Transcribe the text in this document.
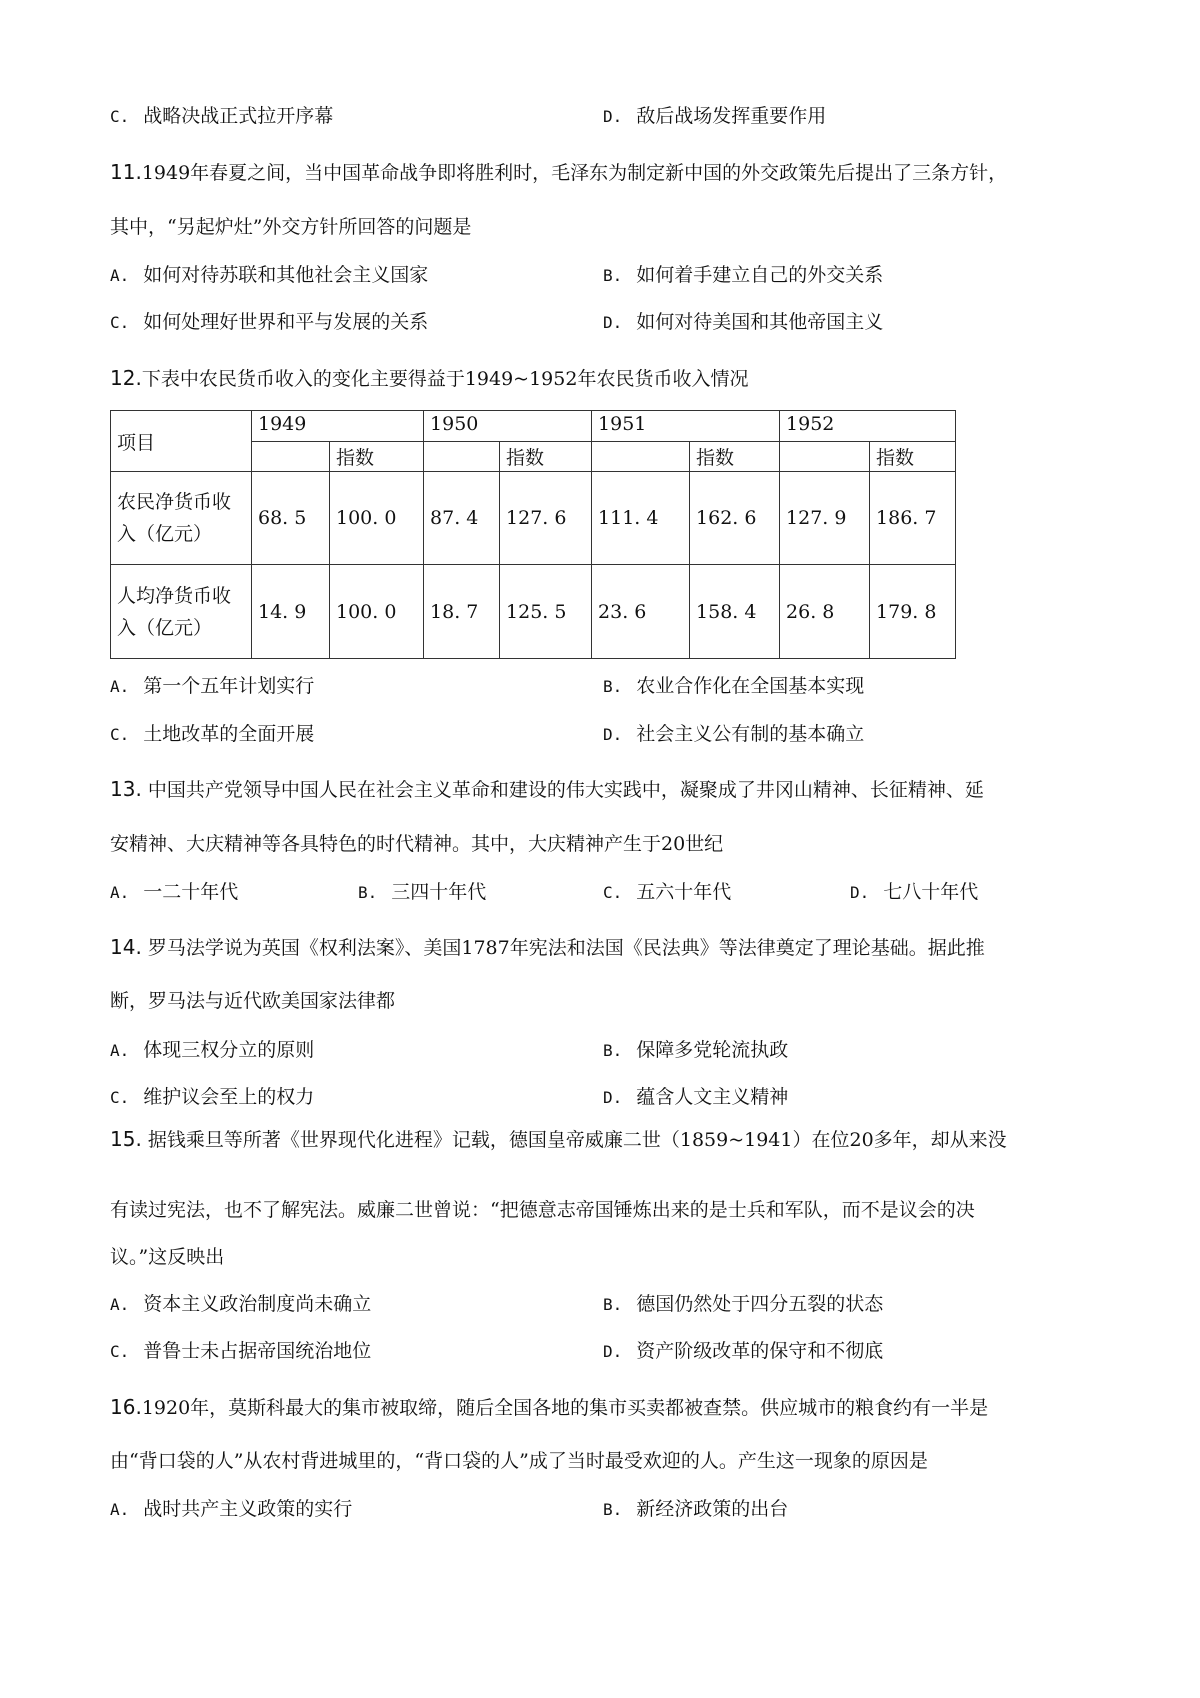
C. 战略决战正式拉开序幕	D. 敌后战场发挥重要作用
11.1949年春夏之间，当中国革命战争即将胜利时，毛泽东为制定新中国的外交政策先后提出了三条方针，
其中，“另起炉灶”外交方针所回答的问题是
A. 如何对待苏联和其他社会主义国家	B. 如何着手建立自己的外交关系
C. 如何处理好世界和平与发展的关系	D. 如何对待美国和其他帝国主义
12.下表中农民货币收入的变化主要得益于1949~1952年农民货币收入情况
项目	1949		1950		1951		1952	
		指数		指数		指数		指数
农民净货币收入（亿元）	68. 5	100. 0	87. 4	127. 6	111. 4	162. 6	127. 9	186. 7
人均净货币收入（亿元）	14. 9	100. 0	18. 7	125. 5	23. 6	158. 4	26. 8	179. 8
A. 第一个五年计划实行	B. 农业合作化在全国基本实现
C. 土地改革的全面开展	D. 社会主义公有制的基本确立
13. 中国共产党领导中国人民在社会主义革命和建设的伟大实践中，凝聚成了井冈山精神、长征精神、延
安精神、大庆精神等各具特色的时代精神。其中，大庆精神产生于20世纪
A. 一二十年代	B. 三四十年代	C. 五六十年代	D. 七八十年代
14. 罗马法学说为英国《权利法案》、美国1787年宪法和法国《民法典》等法律奠定了理论基础。据此推
断，罗马法与近代欧美国家法律都
A. 体现三权分立的原则	B. 保障多党轮流执政
C. 维护议会至上的权力	D. 蕴含人文主义精神
15. 据钱乘旦等所著《世界现代化进程》记载，德国皇帝威廉二世（1859~1941）在位20多年，却从来没
有读过宪法，也不了解宪法。威廉二世曾说：“把德意志帝国锤炼出来的是士兵和军队，而不是议会的决
议。”这反映出
A. 资本主义政治制度尚未确立	B. 德国仍然处于四分五裂的状态
C. 普鲁士未占据帝国统治地位	D. 资产阶级改革的保守和不彻底
16.1920年，莫斯科最大的集市被取缔，随后全国各地的集市买卖都被查禁。供应城市的粮食约有一半是
由“背口袋的人”从农村背进城里的，“背口袋的人”成了当时最受欢迎的人。产生这一现象的原因是
A. 战时共产主义政策的实行	B. 新经济政策的出台
